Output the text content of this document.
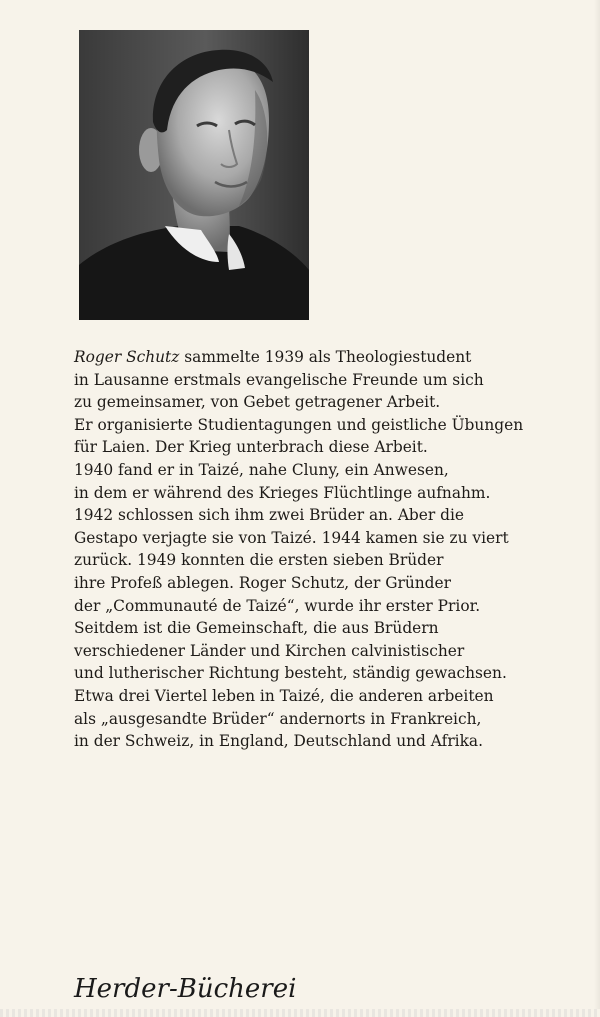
Roger Schutz sammelte 1939 als Theologiestudent
in Lausanne erstmals evangelische Freunde um sich
zu gemeinsamer, von Gebet getragener Arbeit.
Er organisierte Studientagungen und geistliche Übungen
für Laien. Der Krieg unterbrach diese Arbeit.
1940 fand er in Taizé, nahe Cluny, ein Anwesen,
in dem er während des Krieges Flüchtlinge aufnahm.
1942 schlossen sich ihm zwei Brüder an. Aber die
Gestapo verjagte sie von Taizé. 1944 kamen sie zu viert
zurück. 1949 konnten die ersten sieben Brüder
ihre Profeß ablegen. Roger Schutz, der Gründer
der „Communauté de Taizé“, wurde ihr erster Prior.
Seitdem ist die Gemeinschaft, die aus Brüdern
verschiedener Länder und Kirchen calvinistischer
und lutherischer Richtung besteht, ständig gewachsen.
Etwa drei Viertel leben in Taizé, die anderen arbeiten
als „ausgesandte Brüder“ andernorts in Frankreich,
in der Schweiz, in England, Deutschland und Afrika.

Herder-Bücherei
